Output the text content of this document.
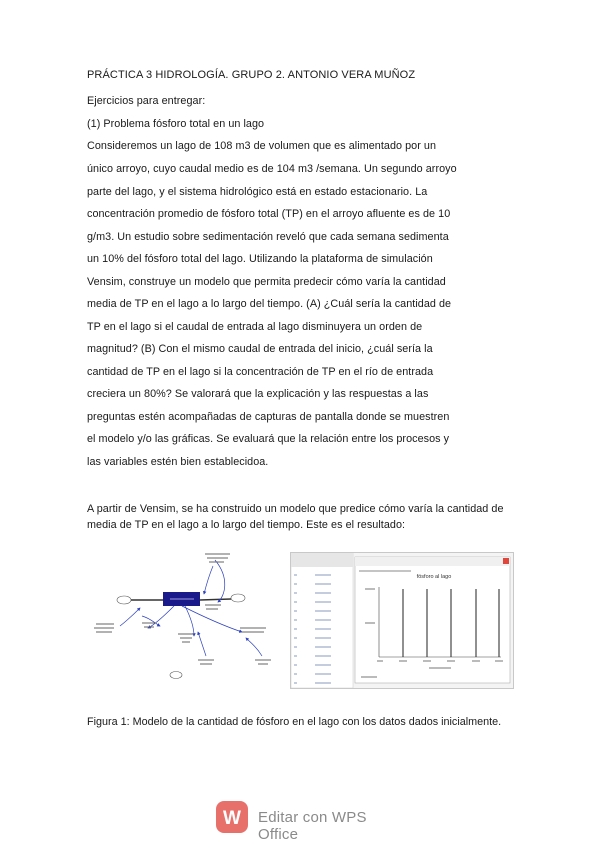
PRÁCTICA 3 HIDROLOGÍA. GRUPO 2. ANTONIO VERA MUÑOZ
Ejercicios para entregar:
(1) Problema fósforo total en un lago
Consideremos un lago de 108 m3 de volumen que es alimentado por un
único arroyo, cuyo caudal medio es de 104 m3 /semana. Un segundo arroyo
parte del lago, y el sistema hidrológico está en estado estacionario. La
concentración promedio de fósforo total (TP) en el arroyo afluente es de 10
g/m3. Un estudio sobre sedimentación reveló que cada semana sedimenta
un 10% del fósforo total del lago. Utilizando la plataforma de simulación
Vensim, construye un modelo que permita predecir cómo varía la cantidad
media de TP en el lago a lo largo del tiempo. (A) ¿Cuál sería la cantidad de
TP en el lago si el caudal de entrada al lago disminuyera un orden de
magnitud? (B) Con el mismo caudal de entrada del inicio, ¿cuál sería la
cantidad de TP en el lago si la concentración de TP en el río de entrada
creciera un 80%? Se valorará que la explicación y las respuestas a las
preguntas estén acompañadas de capturas de pantalla donde se muestren
el modelo y/o las gráficas. Se evaluará que la relación entre los procesos y
las variables estén bien establecidoa.
A partir de Vensim, se ha construido un modelo que predice cómo varía la cantidad de
media de TP en el lago a lo largo del tiempo. Este es el resultado:
fósforo al lago
Figura 1: Modelo de la cantidad de fósforo en el lago con los datos dados inicialmente.
W Editar con WPS Office
